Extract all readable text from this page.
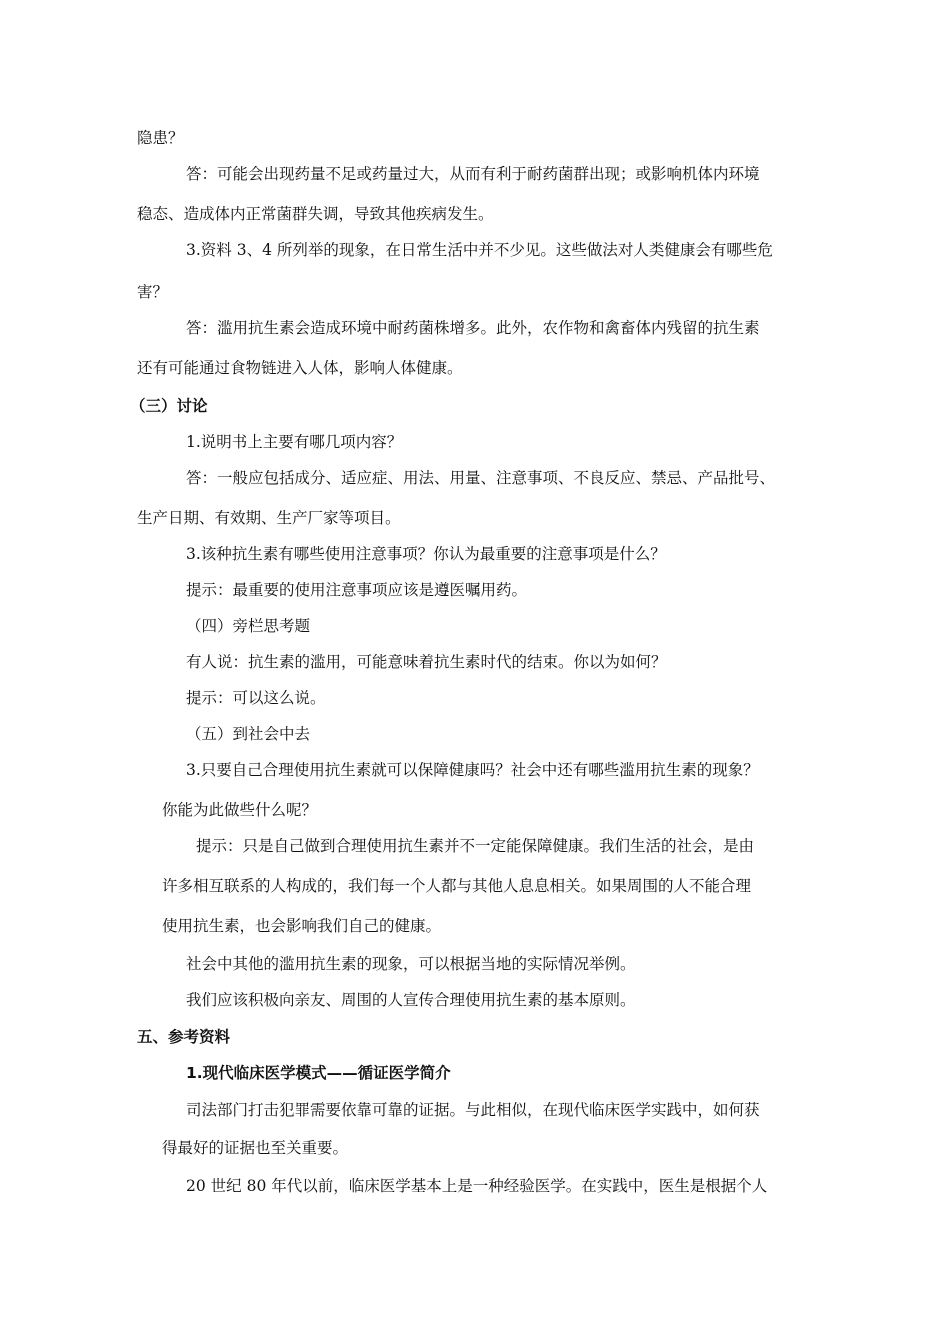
隐患？
答：可能会出现药量不足或药量过大，从而有利于耐药菌群出现；或影响机体内环境
稳态、造成体内正常菌群失调，导致其他疾病发生。
3.资料 3、4 所列举的现象，在日常生活中并不少见。这些做法对人类健康会有哪些危
害？
答：滥用抗生素会造成环境中耐药菌株增多。此外，农作物和禽畜体内残留的抗生素
还有可能通过食物链进入人体，影响人体健康。
（三）讨论
1.说明书上主要有哪几项内容？
答：一般应包括成分、适应症、用法、用量、注意事项、不良反应、禁忌、产品批号、
生产日期、有效期、生产厂家等项目。
3.该种抗生素有哪些使用注意事项？你认为最重要的注意事项是什么？
提示：最重要的使用注意事项应该是遵医嘱用药。
（四）旁栏思考题
有人说：抗生素的滥用，可能意味着抗生素时代的结束。你以为如何？
提示：可以这么说。
（五）到社会中去
3.只要自己合理使用抗生素就可以保障健康吗？社会中还有哪些滥用抗生素的现象？
你能为此做些什么呢？
提示：只是自己做到合理使用抗生素并不一定能保障健康。我们生活的社会，是由
许多相互联系的人构成的，我们每一个人都与其他人息息相关。如果周围的人不能合理
使用抗生素，也会影响我们自己的健康。
社会中其他的滥用抗生素的现象，可以根据当地的实际情况举例。
我们应该积极向亲友、周围的人宣传合理使用抗生素的基本原则。
五、参考资料
1.现代临床医学模式——循证医学简介
司法部门打击犯罪需要依靠可靠的证据。与此相似，在现代临床医学实践中，如何获
得最好的证据也至关重要。
20 世纪 80 年代以前，临床医学基本上是一种经验医学。在实践中，医生是根据个人
